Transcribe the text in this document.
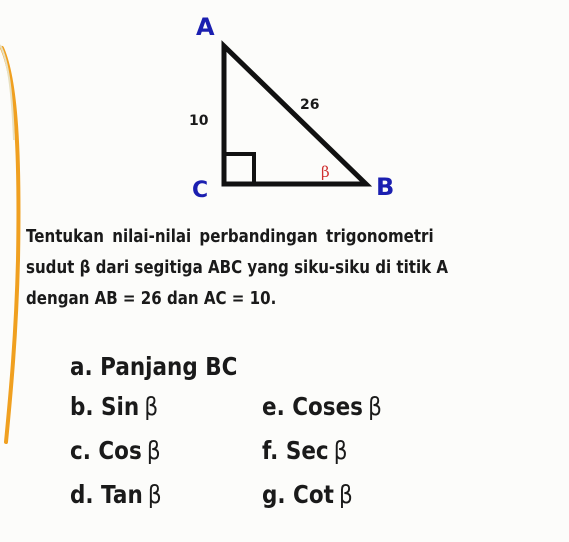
A
B
C
10
26
β
Tentukan nilai-nilai perbandingan trigonometri
sudut β dari segitiga ABC yang siku-siku di titik A
dengan AB = 26 dan AC = 10.
a. Panjang BC
b. Sin β
c. Cos β
d. Tan β
e. Coses β
f. Sec β
g. Cot β
